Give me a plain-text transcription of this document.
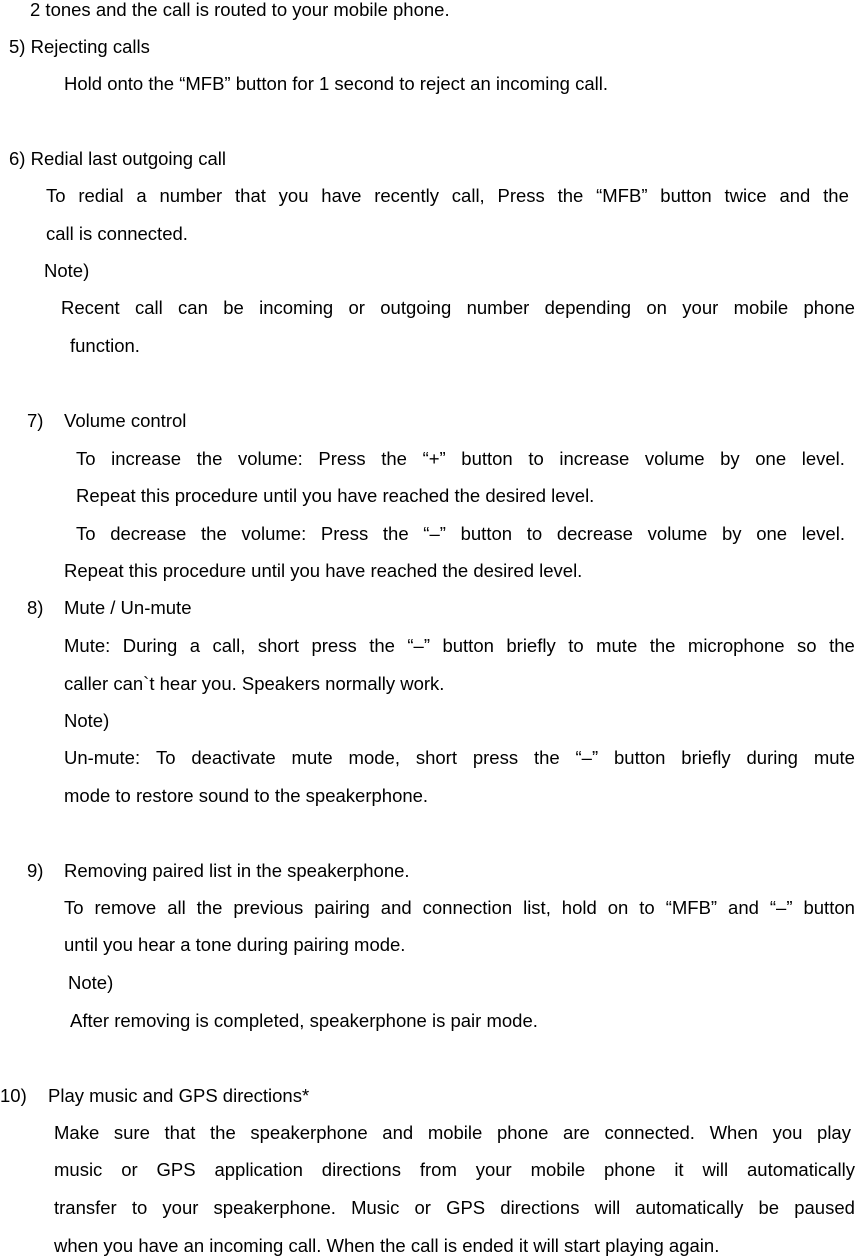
2 tones and the call is routed to your mobile phone.
5) Rejecting calls
Hold onto the “MFB” button for 1 second to reject an incoming call.
6) Redial last outgoing call
To redial a number that you have recently call, Press the “MFB” button twice and the
call is connected.
Note)
Recent call can be incoming or outgoing number depending on your mobile phone
function.
7) Volume control
To increase the volume: Press the “+” button to increase volume by one level.
Repeat this procedure until you have reached the desired level.
To decrease the volume: Press the “–” button to decrease volume by one level.
Repeat this procedure until you have reached the desired level.
8) Mute / Un-mute
Mute: During a call, short press the “–” button briefly to mute the microphone so the
caller can`t hear you. Speakers normally work.
Note)
Un-mute: To deactivate mute mode, short press the “–” button briefly during mute
mode to restore sound to the speakerphone.
9) Removing paired list in the speakerphone.
To remove all the previous pairing and connection list, hold on to “MFB” and “–” button
until you hear a tone during pairing mode.
Note)
After removing is completed, speakerphone is pair mode.
10) Play music and GPS directions*
Make sure that the speakerphone and mobile phone are connected. When you play
music or GPS application directions from your mobile phone it will automatically
transfer to your speakerphone. Music or GPS directions will automatically be paused
when you have an incoming call. When the call is ended it will start playing again.
